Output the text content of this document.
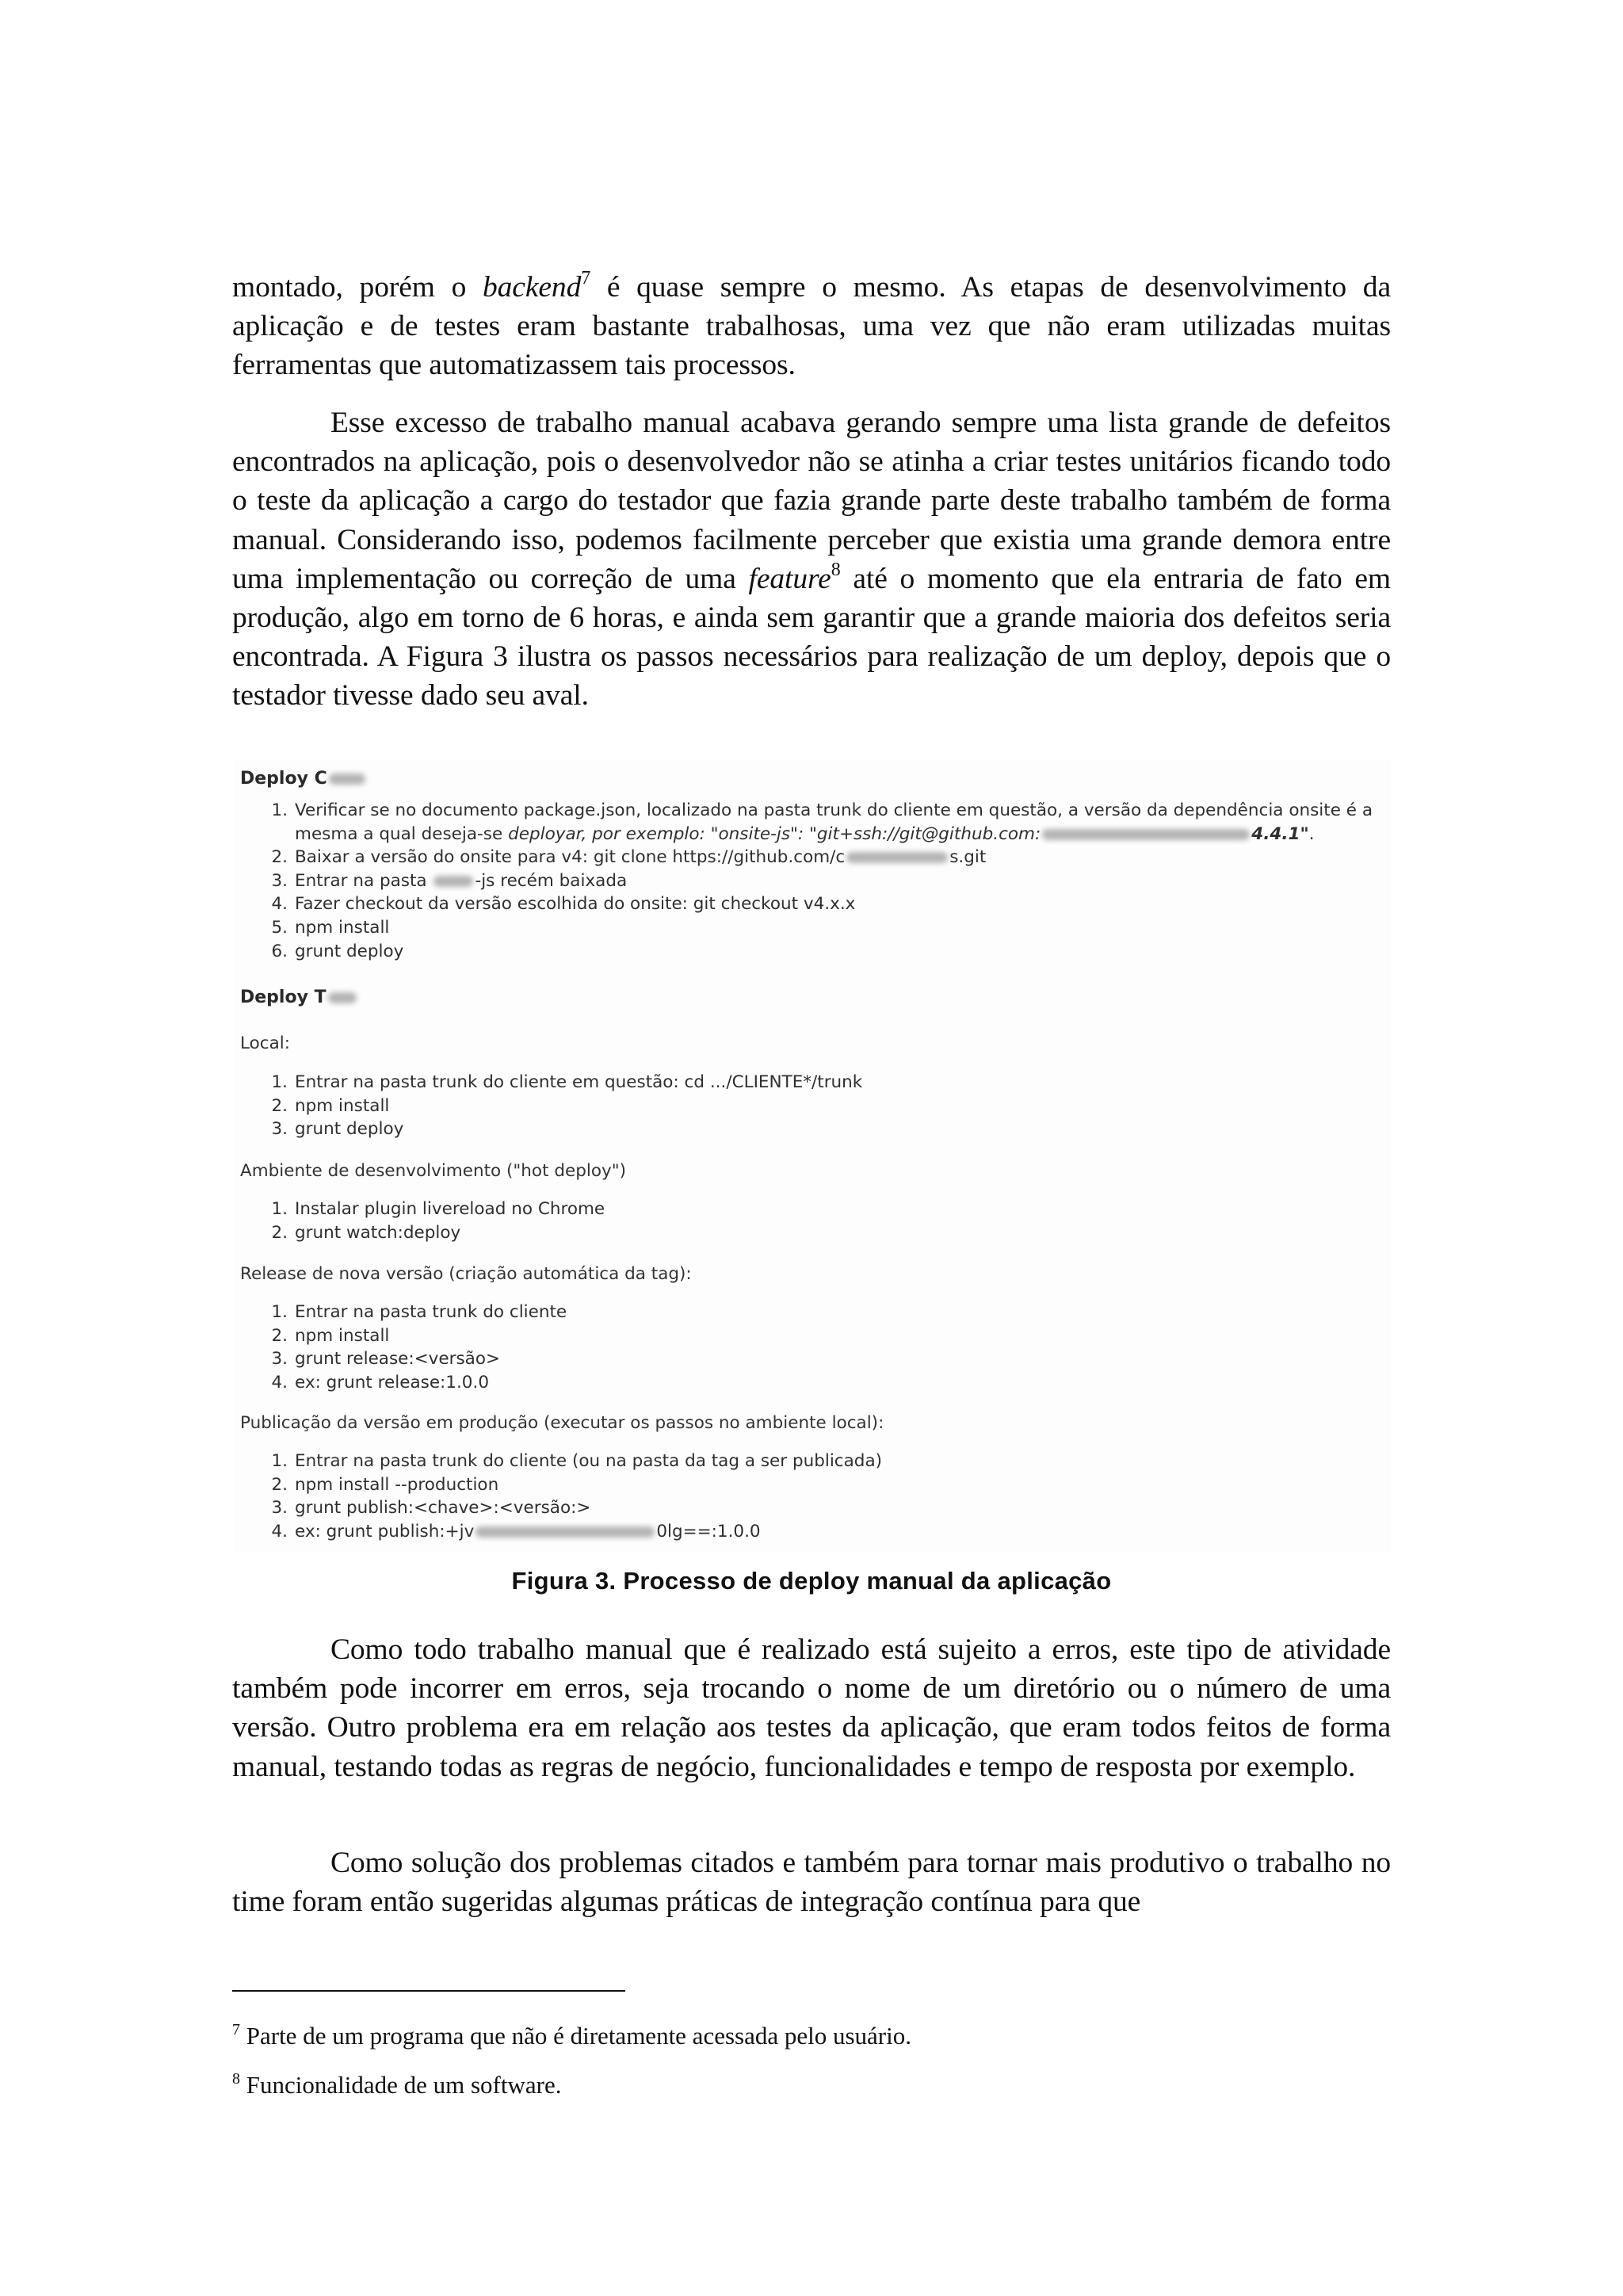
montado, porém o backend$^7$ é quase sempre o mesmo. As etapas de desenvolvimento da aplicação e de testes eram bastante trabalhosas, uma vez que não eram utilizadas muitas ferramentas que automatizassem tais processos.

Esse excesso de trabalho manual acabava gerando sempre uma lista grande de defeitos encontrados na aplicação, pois o desenvolvedor não se atinha a criar testes unitários ficando todo o teste da aplicação a cargo do testador que fazia grande parte deste trabalho também de forma manual. Considerando isso, podemos facilmente perceber que existia uma grande demora entre uma implementação ou correção de uma feature$^8$ até o momento que ela entraria de fato em produção, algo em torno de 6 horas, e ainda sem garantir que a grande maioria dos defeitos seria encontrada. A Figura 3 ilustra os passos necessários para realização de um deploy, depois que o testador tivesse dado seu aval.

Deploy C
1. Verificar se no documento package.json, localizado na pasta trunk do cliente em questão, a versão da dependência onsite é a
mesma a qual deseja-se deployar, por exemplo: "onsite-js": "git+ssh://git@github.com:	4.4.1".
2. Baixar a versão do onsite para v4: git clone https://github.com/c	s.git
3. Entrar na pasta	-js recém baixada
4. Fazer checkout da versão escolhida do onsite: git checkout v4.x.x
5. npm install
6. grunt deploy
Deploy T
Local:
1. Entrar na pasta trunk do cliente em questão: cd .../CLIENTE*/trunk
2. npm install
3. grunt deploy
Ambiente de desenvolvimento ("hot deploy")
1. Instalar plugin livereload no Chrome
2. grunt watch:deploy
Release de nova versão (criação automática da tag):
1. Entrar na pasta trunk do cliente
2. npm install
3. grunt release:<versão>
4. ex: grunt release:1.0.0
Publicação da versão em produção (executar os passos no ambiente local):
1. Entrar na pasta trunk do cliente (ou na pasta da tag a ser publicada)
2. npm install --production
3. grunt publish:<chave>:<versão:>
4. ex: grunt publish:+jv	0lg==:1.0.0
Figura 3. Processo de deploy manual da aplicação

Como todo trabalho manual que é realizado está sujeito a erros, este tipo de atividade também pode incorrer em erros, seja trocando o nome de um diretório ou o número de uma versão. Outro problema era em relação aos testes da aplicação, que eram todos feitos de forma manual, testando todas as regras de negócio, funcionalidades e tempo de resposta por exemplo.

Como solução dos problemas citados e também para tornar mais produtivo o trabalho no time foram então sugeridas algumas práticas de integração contínua para que

$^7$ Parte de um programa que não é diretamente acessada pelo usuário.
$^8$ Funcionalidade de um software.
